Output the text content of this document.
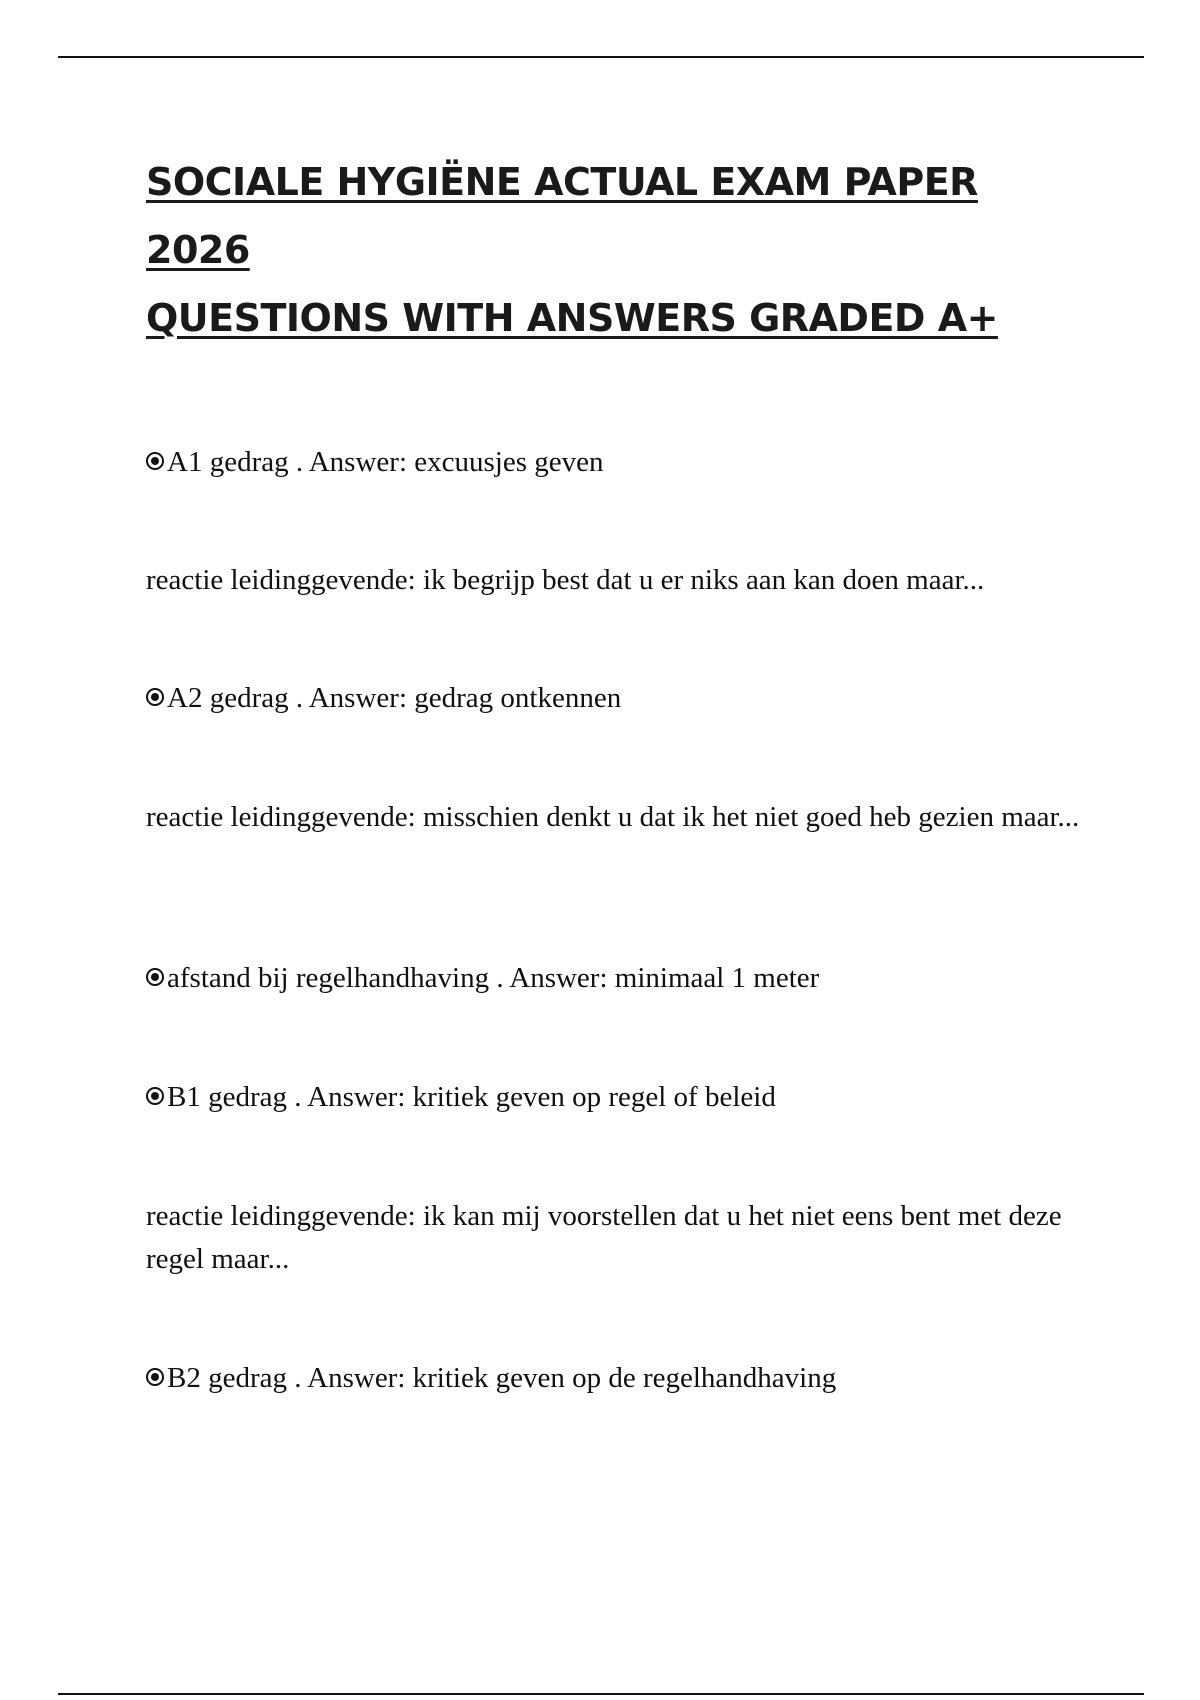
SOCIALE HYGIËNE ACTUAL EXAM PAPER 2026
QUESTIONS WITH ANSWERS GRADED A+

A1 gedrag . Answer: excuusjes geven

reactie leidinggevende: ik begrijp best dat u er niks aan kan doen maar...

A2 gedrag . Answer: gedrag ontkennen

reactie leidinggevende: misschien denkt u dat ik het niet goed heb gezien maar...

afstand bij regelhandhaving . Answer: minimaal 1 meter

B1 gedrag . Answer: kritiek geven op regel of beleid

reactie leidinggevende: ik kan mij voorstellen dat u het niet eens bent met deze regel maar...

B2 gedrag . Answer: kritiek geven op de regelhandhaving
